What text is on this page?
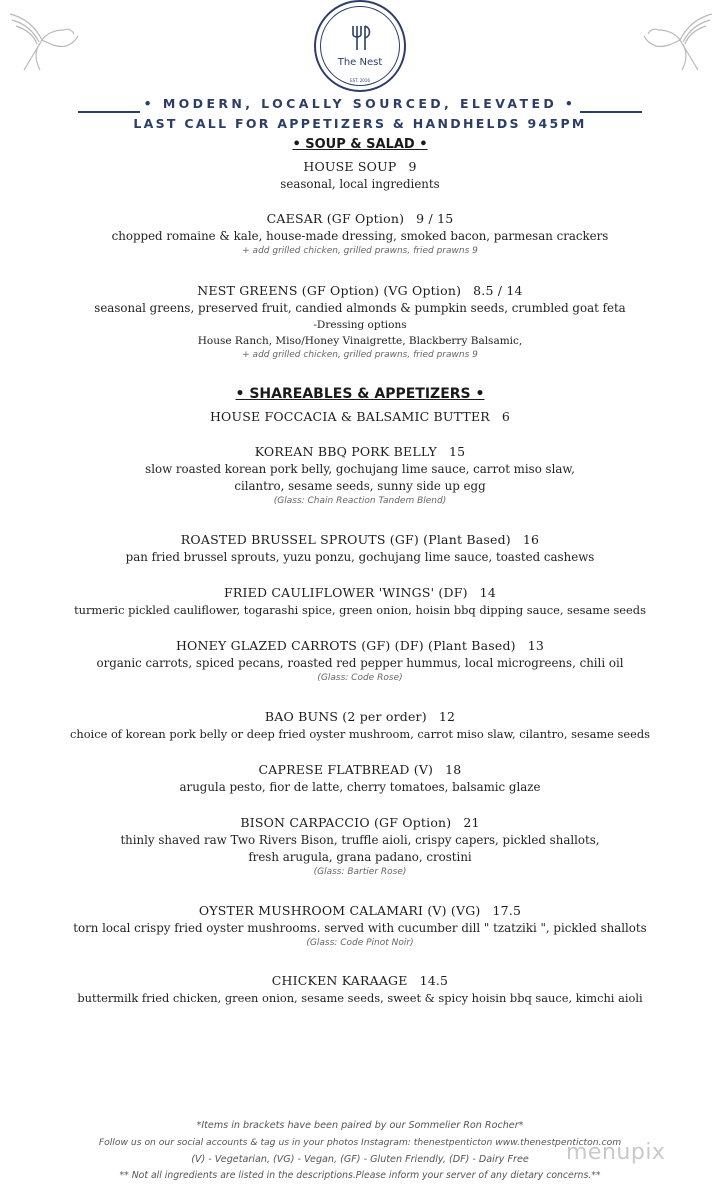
The Nest
EST. 2016
• MODERN, LOCALLY SOURCED, ELEVATED •
LAST CALL FOR APPETIZERS & HANDHELDS 945PM
• SOUP & SALAD •
HOUSE SOUP 9
seasonal, local ingredients
CAESAR (GF Option) 9 / 15
chopped romaine & kale, house-made dressing, smoked bacon, parmesan crackers
+ add grilled chicken, grilled prawns, fried prawns 9
NEST GREENS (GF Option) (VG Option) 8.5 / 14
seasonal greens, preserved fruit, candied almonds & pumpkin seeds, crumbled goat feta
-Dressing options
House Ranch, Miso/Honey Vinaigrette, Blackberry Balsamic,
+ add grilled chicken, grilled prawns, fried prawns 9
• SHAREABLES & APPETIZERS •
HOUSE FOCCACIA & BALSAMIC BUTTER 6
KOREAN BBQ PORK BELLY 15
slow roasted korean pork belly, gochujang lime sauce, carrot miso slaw,
cilantro, sesame seeds, sunny side up egg
(Glass: Chain Reaction Tandem Blend)
ROASTED BRUSSEL SPROUTS (GF) (Plant Based) 16
pan fried brussel sprouts, yuzu ponzu, gochujang lime sauce, toasted cashews
FRIED CAULIFLOWER 'WINGS' (DF) 14
turmeric pickled cauliflower, togarashi spice, green onion, hoisin bbq dipping sauce, sesame seeds
HONEY GLAZED CARROTS (GF) (DF) (Plant Based) 13
organic carrots, spiced pecans, roasted red pepper hummus, local microgreens, chili oil
(Glass: Code Rose)
BAO BUNS (2 per order) 12
choice of korean pork belly or deep fried oyster mushroom, carrot miso slaw, cilantro, sesame seeds
CAPRESE FLATBREAD (V) 18
arugula pesto, fior de latte, cherry tomatoes, balsamic glaze
BISON CARPACCIO (GF Option) 21
thinly shaved raw Two Rivers Bison, truffle aioli, crispy capers, pickled shallots,
fresh arugula, grana padano, crostini
(Glass: Bartier Rose)
OYSTER MUSHROOM CALAMARI (V) (VG) 17.5
torn local crispy fried oyster mushrooms. served with cucumber dill " tzatziki ", pickled shallots
(Glass: Code Pinot Noir)
CHICKEN KARAAGE 14.5
buttermilk fried chicken, green onion, sesame seeds, sweet & spicy hoisin bbq sauce, kimchi aioli
*Items in brackets have been paired by our Sommelier Ron Rocher*
Follow us on our social accounts & tag us in your photos Instagram: thenestpenticton www.thenestpenticton.com
(V) - Vegetarian, (VG) - Vegan, (GF) - Gluten Friendly, (DF) - Dairy Free
** Not all ingredients are listed in the descriptions.Please inform your server of any dietary concerns.**
menupix
